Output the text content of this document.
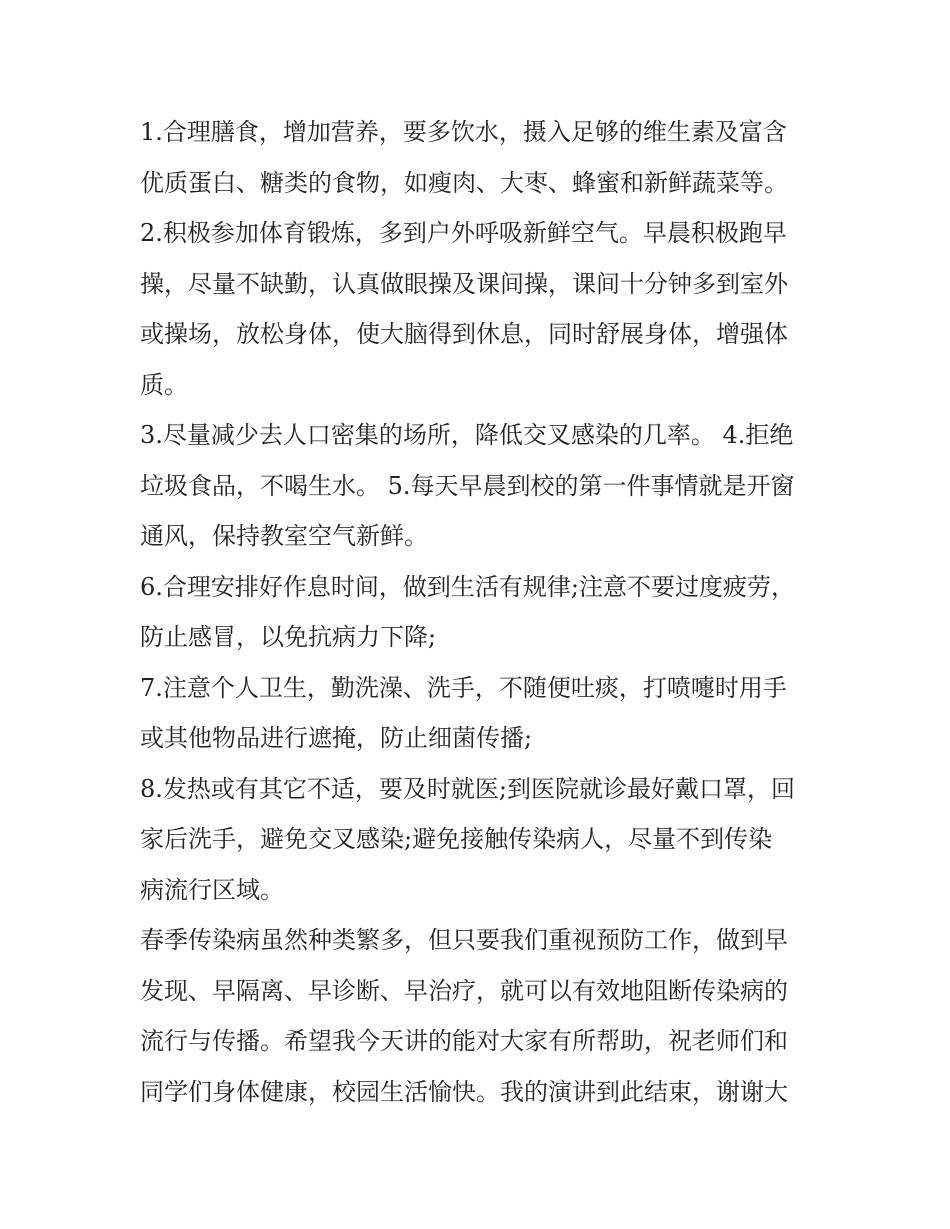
1.合理膳食，增加营养，要多饮水，摄入足够的维生素及富含
优质蛋白、糖类的食物，如瘦肉、大枣、蜂蜜和新鲜蔬菜等。
2.积极参加体育锻炼，多到户外呼吸新鲜空气。早晨积极跑早
操，尽量不缺勤，认真做眼操及课间操，课间十分钟多到室外
或操场，放松身体，使大脑得到休息，同时舒展身体，增强体
质。
3.尽量减少去人口密集的场所，降低交叉感染的几率。 4.拒绝
垃圾食品，不喝生水。 5.每天早晨到校的第一件事情就是开窗
通风，保持教室空气新鲜。
6.合理安排好作息时间，做到生活有规律;注意不要过度疲劳，
防止感冒，以免抗病力下降;
7.注意个人卫生，勤洗澡、洗手，不随便吐痰，打喷嚏时用手
或其他物品进行遮掩，防止细菌传播;
8.发热或有其它不适，要及时就医;到医院就诊最好戴口罩，回
家后洗手，避免交叉感染;避免接触传染病人，尽量不到传染
病流行区域。
春季传染病虽然种类繁多，但只要我们重视预防工作，做到早
发现、早隔离、早诊断、早治疗，就可以有效地阻断传染病的
流行与传播。希望我今天讲的能对大家有所帮助，祝老师们和
同学们身体健康，校园生活愉快。我的演讲到此结束，谢谢大
